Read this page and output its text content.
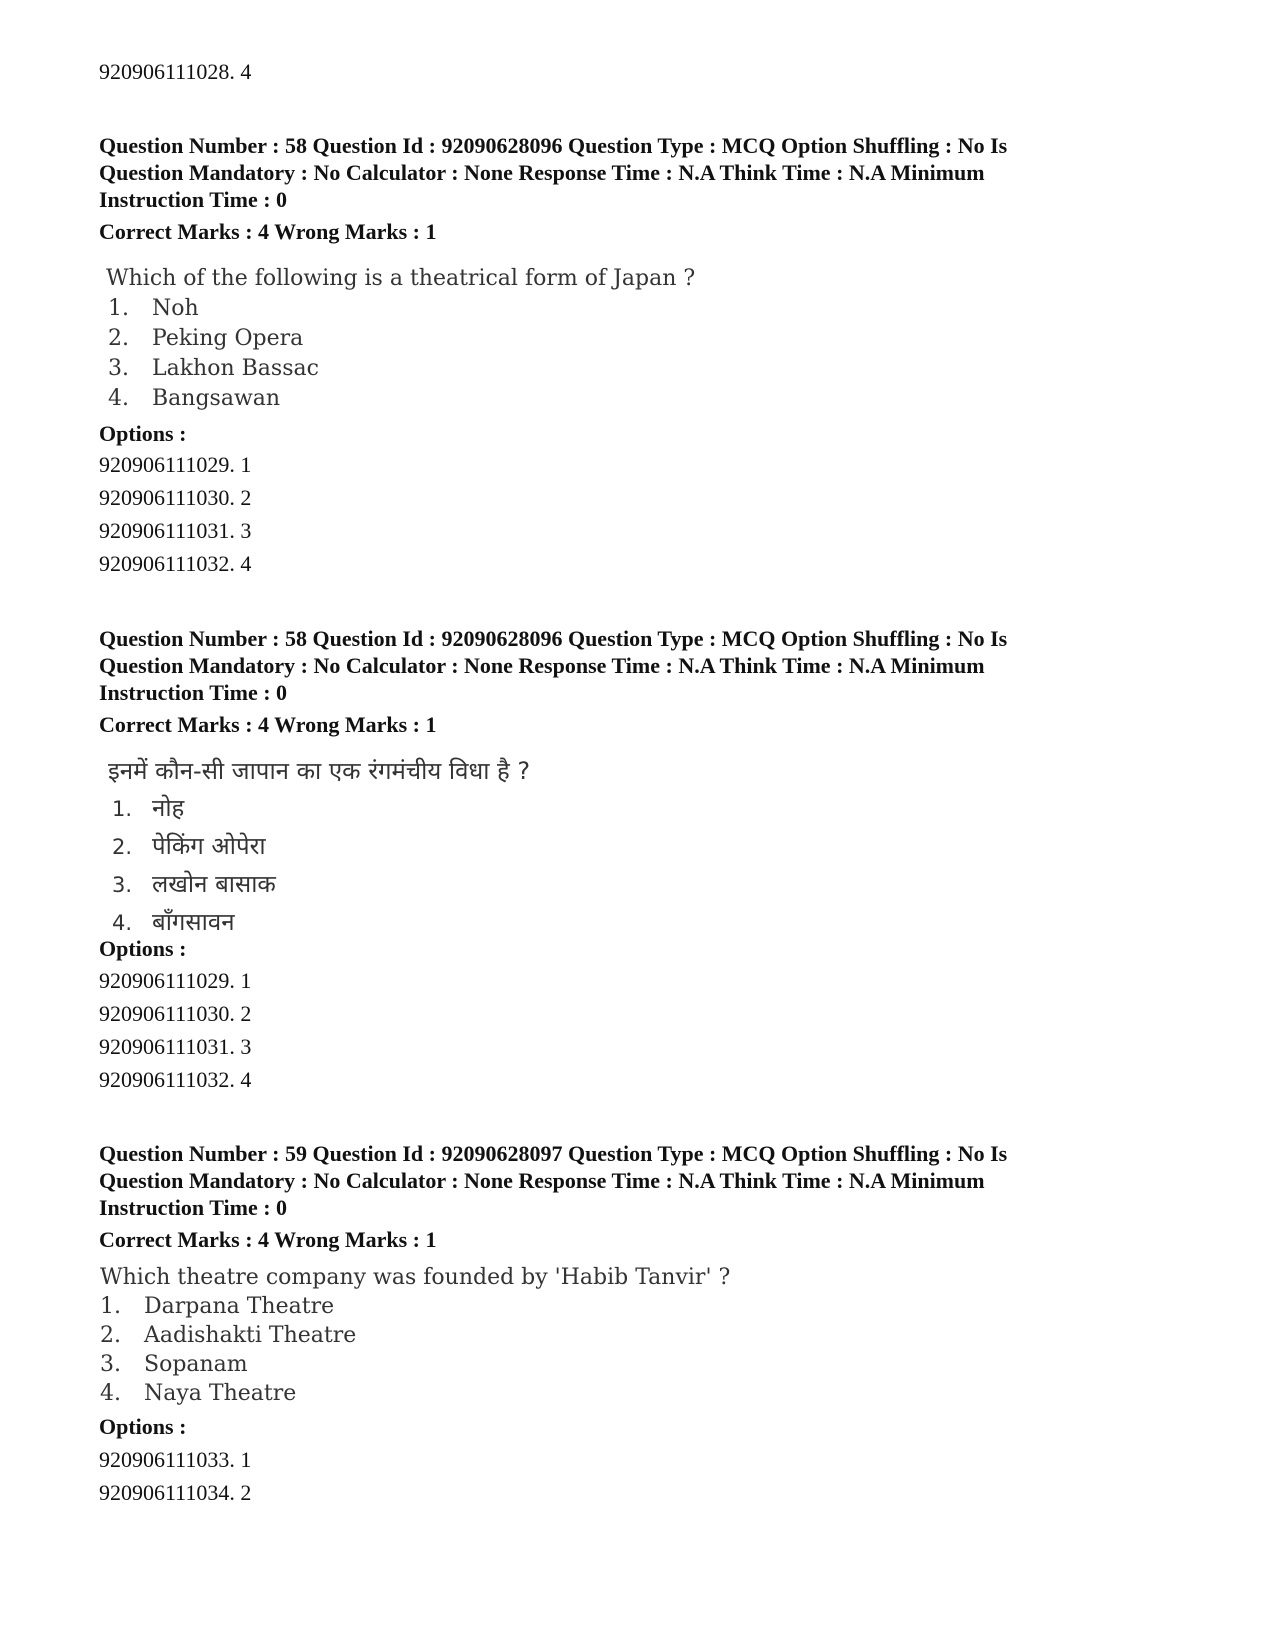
920906111028. 4
Question Number : 58 Question Id : 92090628096 Question Type : MCQ Option Shuffling : No Is
Question Mandatory : No Calculator : None Response Time : N.A Think Time : N.A Minimum
Instruction Time : 0
Correct Marks : 4 Wrong Marks : 1
Which of the following is a theatrical form of Japan ?
1. Noh
2. Peking Opera
3. Lakhon Bassac
4. Bangsawan
Options :
920906111029. 1
920906111030. 2
920906111031. 3
920906111032. 4
Question Number : 58 Question Id : 92090628096 Question Type : MCQ Option Shuffling : No Is
Question Mandatory : No Calculator : None Response Time : N.A Think Time : N.A Minimum
Instruction Time : 0
Correct Marks : 4 Wrong Marks : 1
इनमें कौन-सी जापान का एक रंगमंचीय विधा है ?
1. नोह
2. पेकिंग ओपेरा
3. लखोन बासाक
4. बाँगसावन
Options :
920906111029. 1
920906111030. 2
920906111031. 3
920906111032. 4
Question Number : 59 Question Id : 92090628097 Question Type : MCQ Option Shuffling : No Is
Question Mandatory : No Calculator : None Response Time : N.A Think Time : N.A Minimum
Instruction Time : 0
Correct Marks : 4 Wrong Marks : 1
Which theatre company was founded by 'Habib Tanvir' ?
1. Darpana Theatre
2. Aadishakti Theatre
3. Sopanam
4. Naya Theatre
Options :
920906111033. 1
920906111034. 2
